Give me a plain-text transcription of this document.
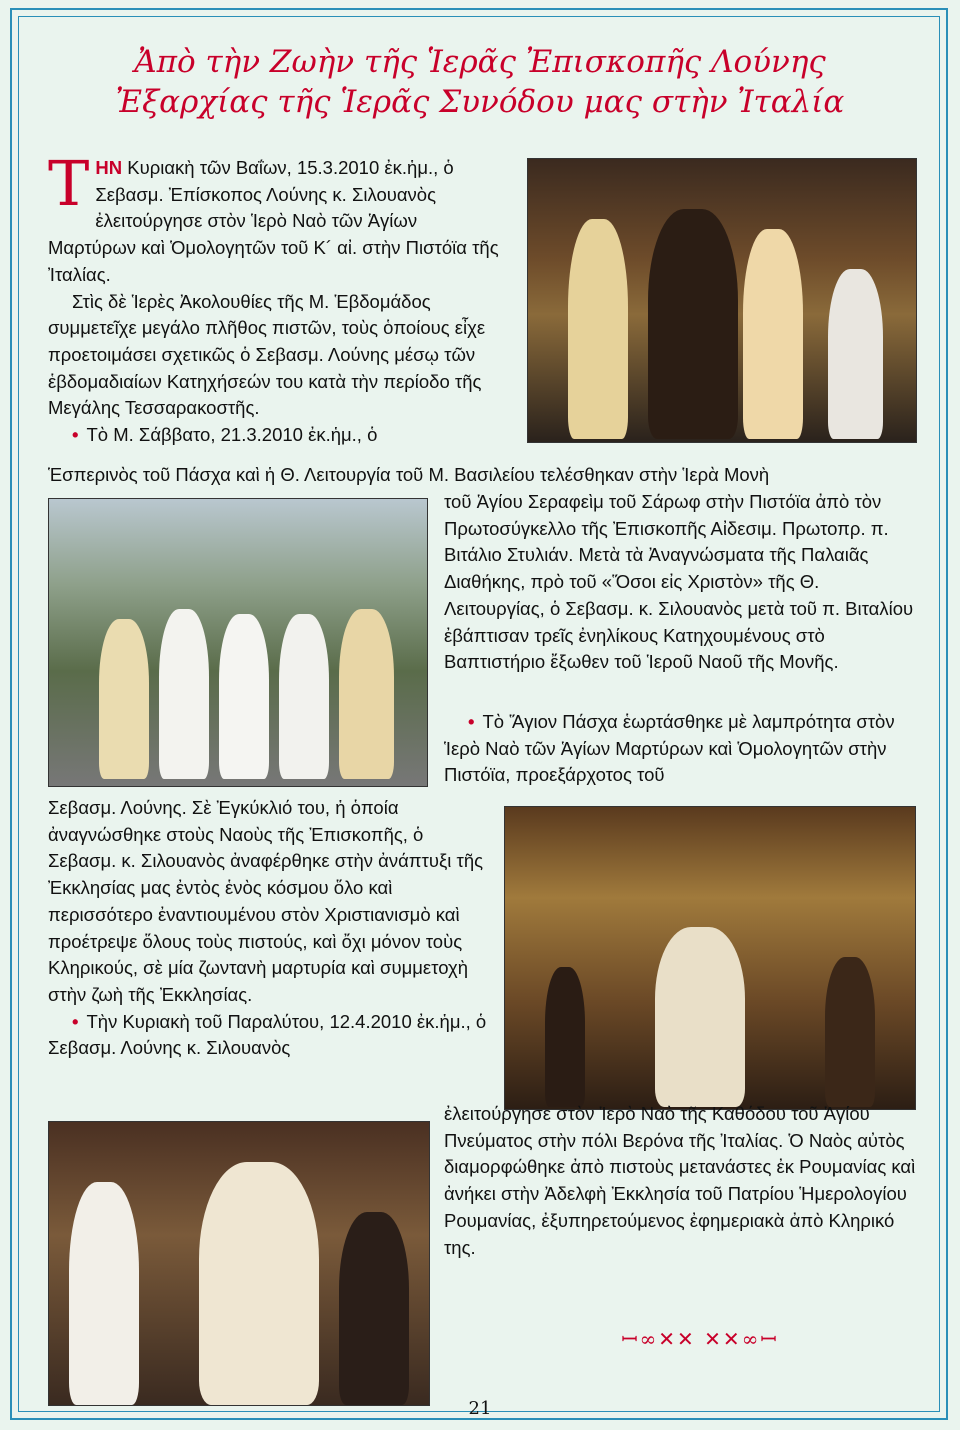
Ἀπὸ τὴν Ζωὴν τῆς Ἱερᾶς Ἐπισκοπῆς Λούνης
Ἐξαρχίας τῆς Ἱερᾶς Συνόδου μας στὴν Ἰταλία

ΤΗΝ Κυριακὴ τῶν Βαΐων, 15.3.2010 ἐκ.ἡμ., ὁ Σεβασμ. Ἐπίσκοπος Λούνης κ. Σιλουανὸς ἐλειτούργησε στὸν Ἱερὸ Ναὸ τῶν Ἁγίων Μαρτύρων καὶ Ὁμολογητῶν τοῦ Κ´ αἰ. στὴν Πιστόϊα τῆς Ἰταλίας.

Στὶς δὲ Ἱερὲς Ἀκολουθίες τῆς Μ. Ἑβδομάδος συμμετεῖχε μεγάλο πλῆθος πιστῶν, τοὺς ὁποίους εἶχε προετοιμάσει σχετικῶς ὁ Σεβασμ. Λούνης μέσῳ τῶν ἑβδομαδιαίων Κατηχήσεών του κατὰ τὴν περίοδο τῆς Μεγάλης Τεσσαρακοστῆς.

• Τὸ Μ. Σάββατο, 21.3.2010 ἐκ.ἡμ., ὁ

Ἑσπερινὸς τοῦ Πάσχα καὶ ἡ Θ. Λειτουργία τοῦ Μ. Βασιλείου τελέσθηκαν στὴν Ἱερὰ Μονὴ
τοῦ Ἁγίου Σεραφεὶμ τοῦ Σάρωφ στὴν Πιστόϊα ἀπὸ τὸν Πρωτοσύγκελλο τῆς Ἐπισκοπῆς Αἰδεσιμ. Πρωτοπρ. π. Βιτάλιο Στυλιάν. Μετὰ τὰ Ἀναγνώσματα τῆς Παλαιᾶς Διαθήκης, πρὸ τοῦ «Ὅσοι εἰς Χριστὸν» τῆς Θ. Λειτουργίας, ὁ Σεβασμ. κ. Σιλουανὸς μετὰ τοῦ π. Βιταλίου ἐβάπτισαν τρεῖς ἐνηλίκους Κατηχουμένους στὸ Βαπτιστήριο ἔξωθεν τοῦ Ἱεροῦ Ναοῦ τῆς Μονῆς.

• Τὸ Ἅγιον Πάσχα ἑωρτάσθηκε μὲ λαμπρότητα στὸν Ἱερὸ Ναὸ τῶν Ἁγίων Μαρτύρων καὶ Ὁμολογητῶν στὴν Πιστόϊα, προεξάρχοτος τοῦ

Σεβασμ. Λούνης. Σὲ Ἐγκύκλιό του, ἡ ὁποία ἀναγνώσθηκε στοὺς Ναοὺς τῆς Ἐπισκοπῆς, ὁ Σεβασμ. κ. Σιλουανὸς ἀναφέρθηκε στὴν ἀνάπτυξι τῆς Ἐκκλησίας μας ἐντὸς ἑνὸς κόσμου ὅλο καὶ περισσότερο ἐναντιουμένου στὸν Χριστιανισμὸ καὶ προέτρεψε ὅλους τοὺς πιστούς, καὶ ὄχι μόνον τοὺς Κληρικούς, σὲ μία ζωντανὴ μαρτυρία καὶ συμμετοχὴ στὴν ζωὴ τῆς Ἐκκλησίας.

• Τὴν Κυριακὴ τοῦ Παραλύτου, 12.4.2010 ἐκ.ἡμ., ὁ Σεβασμ. Λούνης κ. Σιλουανὸς

ἐλειτούργησε στὸν Ἱερὸ Ναὸ τῆς Καθόδου τοῦ Ἁγίου Πνεύματος στὴν πόλι Βερόνα τῆς Ἰταλίας. Ὁ Ναὸς αὐτὸς διαμορφώθηκε ἀπὸ πιστοὺς μετανάστες ἐκ Ρουμανίας καὶ ἀνήκει στὴν Ἀδελφὴ Ἐκκλησία τοῦ Πατρίου Ἡμερολογίου Ρουμανίας, ἐξυπηρετούμενος ἐφημεριακὰ ἀπὸ Κληρικό της.
ꟷ∞✕✕ ✕✕∞ꟷ
21
